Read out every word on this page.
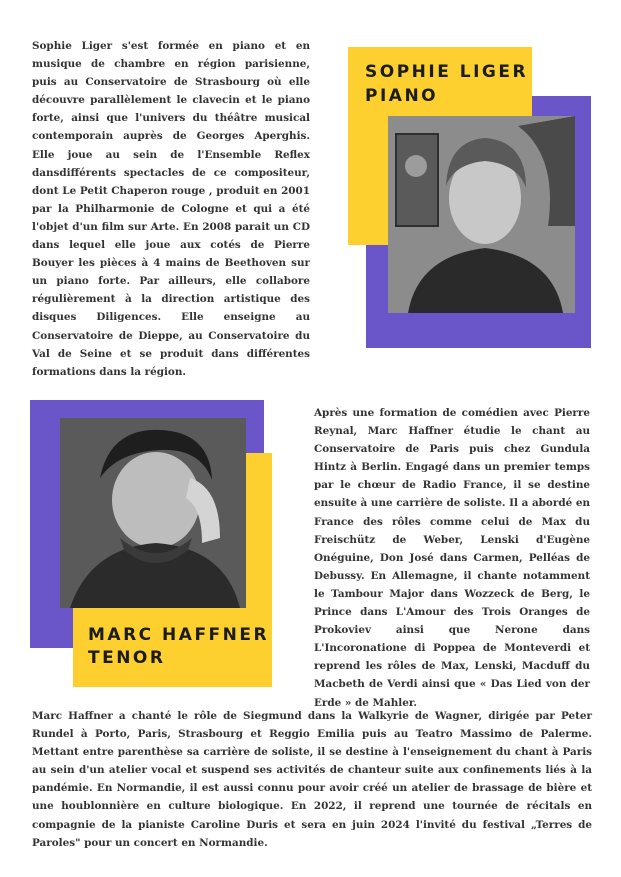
Sophie Liger s'est formée en piano et en musique de chambre en région parisienne, puis au Conservatoire de Strasbourg où elle découvre parallèlement le clavecin et le piano forte, ainsi que l'univers du théâtre musical contemporain auprès de Georges Aperghis. Elle joue au sein de l'Ensemble Reflex dansdifférents spectacles de ce compositeur, dont Le Petit Chaperon rouge , produit en 2001 par la Philharmonie de Cologne et qui a été l'objet d'un film sur Arte. En 2008 parait un CD dans lequel elle joue aux cotés de Pierre Bouyer les pièces à 4 mains de Beethoven sur un piano forte. Par ailleurs, elle collabore régulièrement à la direction artistique des disques Diligences. Elle enseigne au Conservatoire de Dieppe, au Conservatoire du Val de Seine et se produit dans différentes formations dans la région.

SOPHIE LIGER
PIANO
MARC HAFFNER
TENOR

Après une formation de comédien avec Pierre Reynal, Marc Haffner étudie le chant au Conservatoire de Paris puis chez Gundula Hintz à Berlin. Engagé dans un premier temps par le chœur de Radio France, il se destine ensuite à une carrière de soliste. Il a abordé en France des rôles comme celui de Max du Freischütz de Weber, Lenski d'Eugène Onéguine, Don José dans Carmen, Pelléas de Debussy. En Allemagne, il chante notamment le Tambour Major dans Wozzeck de Berg, le Prince dans L'Amour des Trois Oranges de Prokoviev ainsi que Nerone dans L'Incoronatione di Poppea de Monteverdi et reprend les rôles de Max, Lenski, Macduff du Macbeth de Verdi ainsi que « Das Lied von der Erde » de Mahler.

Marc Haffner a chanté le rôle de Siegmund dans la Walkyrie de Wagner, dirigée par Peter Rundel à Porto, Paris, Strasbourg et Reggio Emilia puis au Teatro Massimo de Palerme. Mettant entre parenthèse sa carrière de soliste, il se destine à l'enseignement du chant à Paris au sein d'un atelier vocal et suspend ses activités de chanteur suite aux confinements liés à la pandémie. En Normandie, il est aussi connu pour avoir créé un atelier de brassage de bière et une houblonnière en culture biologique. En 2022, il reprend une tournée de récitals en compagnie de la pianiste Caroline Duris et sera en juin 2024 l'invité du festival „Terres de Paroles" pour un concert en Normandie.
